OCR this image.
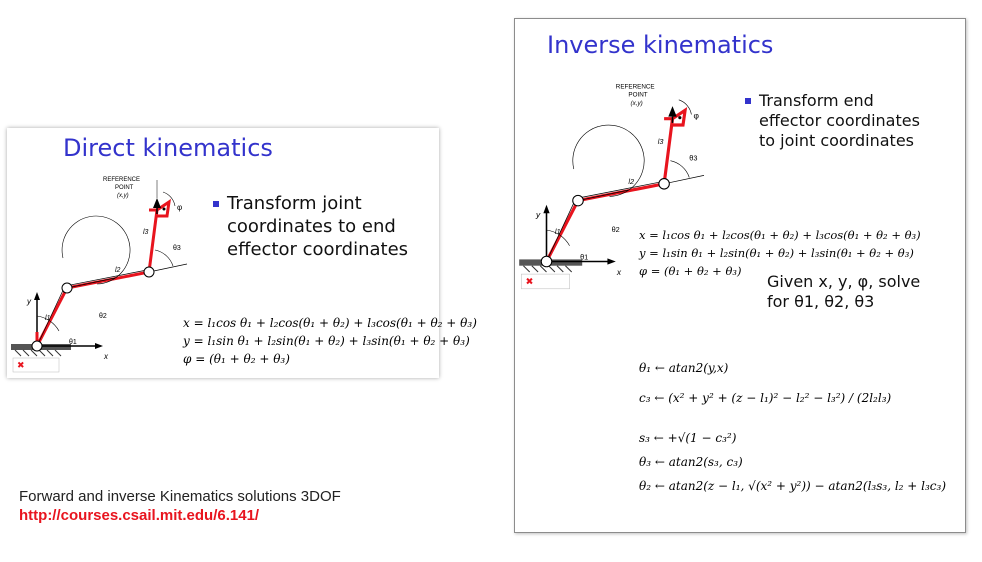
Direct kinematics
✖
y
x
REFERENCE
POINT
(x,y)
l1
l2
l3
θ1
θ2
θ3
φ Transform joint
coordinates to end
effector coordinates
x = l₁cos θ₁ + l₂cos(θ₁ + θ₂) + l₃cos(θ₁ + θ₂ + θ₃)
y = l₁sin θ₁ + l₂sin(θ₁ + θ₂) + l₃sin(θ₁ + θ₂ + θ₃)
φ = (θ₁ + θ₂ + θ₃)
Inverse kinematics
✖
y
x
REFERENCE
POINT
(x,y)
l1
l2
l3
θ1
θ2
θ3
φ
Transform end
effector coordinates
to joint coordinates
x = l₁cos θ₁ + l₂cos(θ₁ + θ₂) + l₃cos(θ₁ + θ₂ + θ₃)
y = l₁sin θ₁ + l₂sin(θ₁ + θ₂) + l₃sin(θ₁ + θ₂ + θ₃)
φ = (θ₁ + θ₂ + θ₃)
Given x, y, φ, solve
for θ1, θ2, θ3
θ₁ ← atan2(y,x)
c₃ ← (x² + y² + (z − l₁)² − l₂² − l₃²) / (2l₂l₃)
s₃ ← +√(1 − c₃²)
θ₃ ← atan2(s₃, c₃)
θ₂ ← atan2(z − l₁, √(x² + y²)) − atan2(l₃s₃, l₂ + l₃c₃)
Forward and inverse Kinematics solutions 3DOF
http://courses.csail.mit.edu/6.141/
